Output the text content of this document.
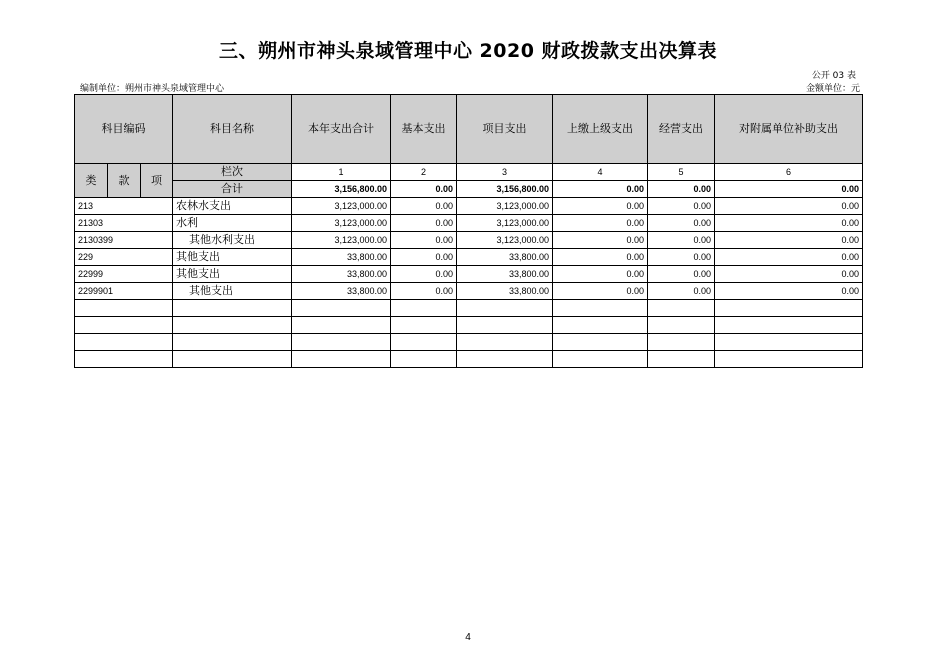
三、朔州市神头泉域管理中心 2020 财政拨款支出决算表
公开 03 表
编制单位：朔州市神头泉域管理中心	金额单位：元
科目编码			科目名称	本年支出合计	基本支出	项目支出	上缴上级支出	经营支出	对附属单位补助支出
类	款	项	栏次	1	2	3	4	5	6
			合计	3,156,800.00	0.00	3,156,800.00	0.00	0.00	0.00
213			农林水支出	3,123,000.00	0.00	3,123,000.00	0.00	0.00	0.00
21303			水利	3,123,000.00	0.00	3,123,000.00	0.00	0.00	0.00
2130399			其他水利支出	3,123,000.00	0.00	3,123,000.00	0.00	0.00	0.00
229			其他支出	33,800.00	0.00	33,800.00	0.00	0.00	0.00
22999			其他支出	33,800.00	0.00	33,800.00	0.00	0.00	0.00
2299901			其他支出	33,800.00	0.00	33,800.00	0.00	0.00	0.00

4
